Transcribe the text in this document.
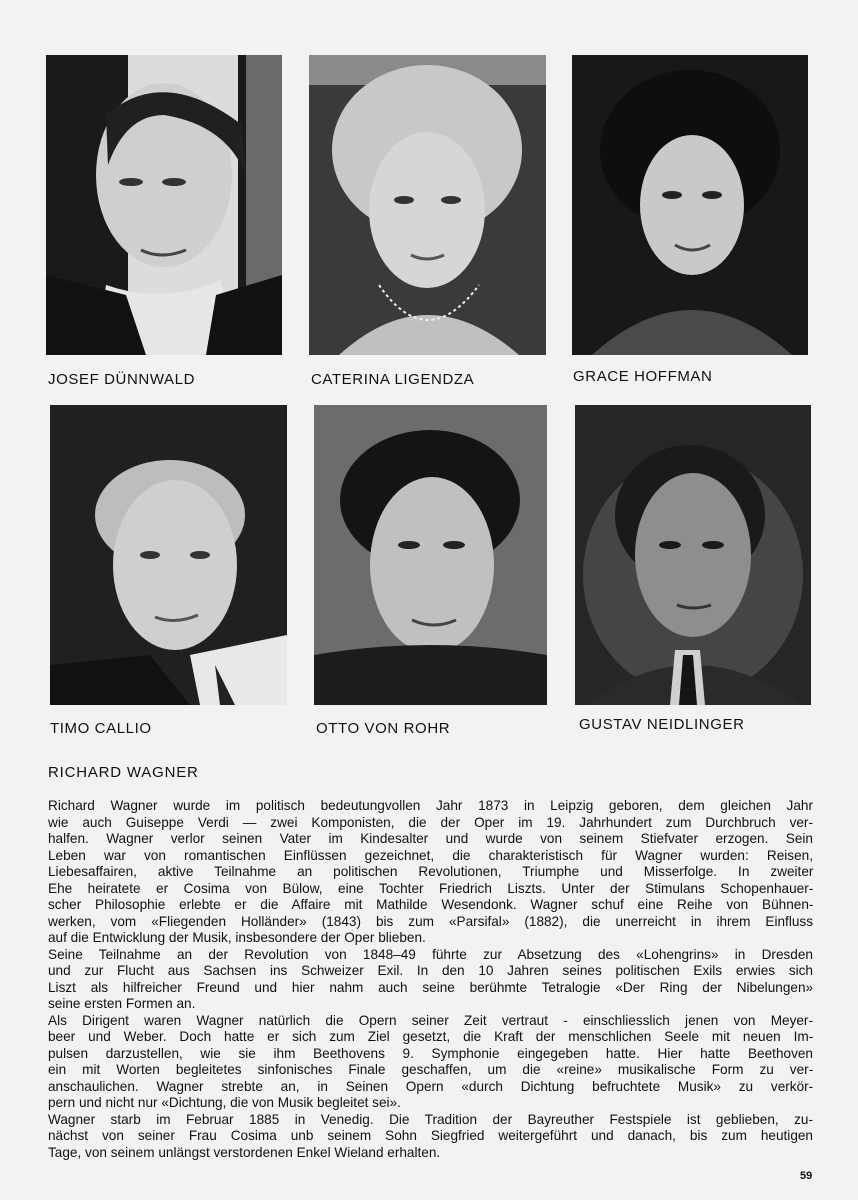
JOSEF DÜNNWALD	CATERINA LIGENDZA	GRACE HOFFMAN
TIMO CALLIO	OTTO VON ROHR	GUSTAV NEIDLINGER
RICHARD WAGNER
Richard Wagner wurde im politisch bedeutungvollen Jahr 1873 in Leipzig geboren, dem gleichen Jahr
wie auch Guiseppe Verdi — zwei Komponisten, die der Oper im 19. Jahrhundert zum Durchbruch ver-
halfen. Wagner verlor seinen Vater im Kindesalter und wurde von seinem Stiefvater erzogen. Sein
Leben war von romantischen Einflüssen gezeichnet, die charakteristisch für Wagner wurden: Reisen,
Liebesaffairen, aktive Teilnahme an politischen Revolutionen, Triumphe und Misserfolge. In zweiter
Ehe heiratete er Cosima von Bülow, eine Tochter Friedrich Liszts. Unter der Stimulans Schopenhauer-
scher Philosophie erlebte er die Affaire mit Mathilde Wesendonk. Wagner schuf eine Reihe von Bühnen-
werken, vom «Fliegenden Holländer» (1843) bis zum «Parsifal» (1882), die unerreicht in ihrem Einfluss
auf die Entwicklung der Musik, insbesondere der Oper blieben.
Seine Teilnahme an der Revolution von 1848–49 führte zur Absetzung des «Lohengrins» in Dresden
und zur Flucht aus Sachsen ins Schweizer Exil. In den 10 Jahren seines politischen Exils erwies sich
Liszt als hilfreicher Freund und hier nahm auch seine berühmte Tetralogie «Der Ring der Nibelungen»
seine ersten Formen an.
Als Dirigent waren Wagner natürlich die Opern seiner Zeit vertraut - einschliesslich jenen von Meyer-
beer und Weber. Doch hatte er sich zum Ziel gesetzt, die Kraft der menschlichen Seele mit neuen Im-
pulsen darzustellen, wie sie ihm Beethovens 9. Symphonie eingegeben hatte. Hier hatte Beethoven
ein mit Worten begleitetes sinfonisches Finale geschaffen, um die «reine» musikalische Form zu ver-
anschaulichen. Wagner strebte an, in Seinen Opern «durch Dichtung befruchtete Musik» zu verkör-
pern und nicht nur «Dichtung, die von Musik begleitet sei».
Wagner starb im Februar 1885 in Venedig. Die Tradition der Bayreuther Festspiele ist geblieben, zu-
nächst von seiner Frau Cosima unb seinem Sohn Siegfried weitergeführt und danach, bis zum heutigen
Tage, von seinem unlängst verstordenen Enkel Wieland erhalten.
59
